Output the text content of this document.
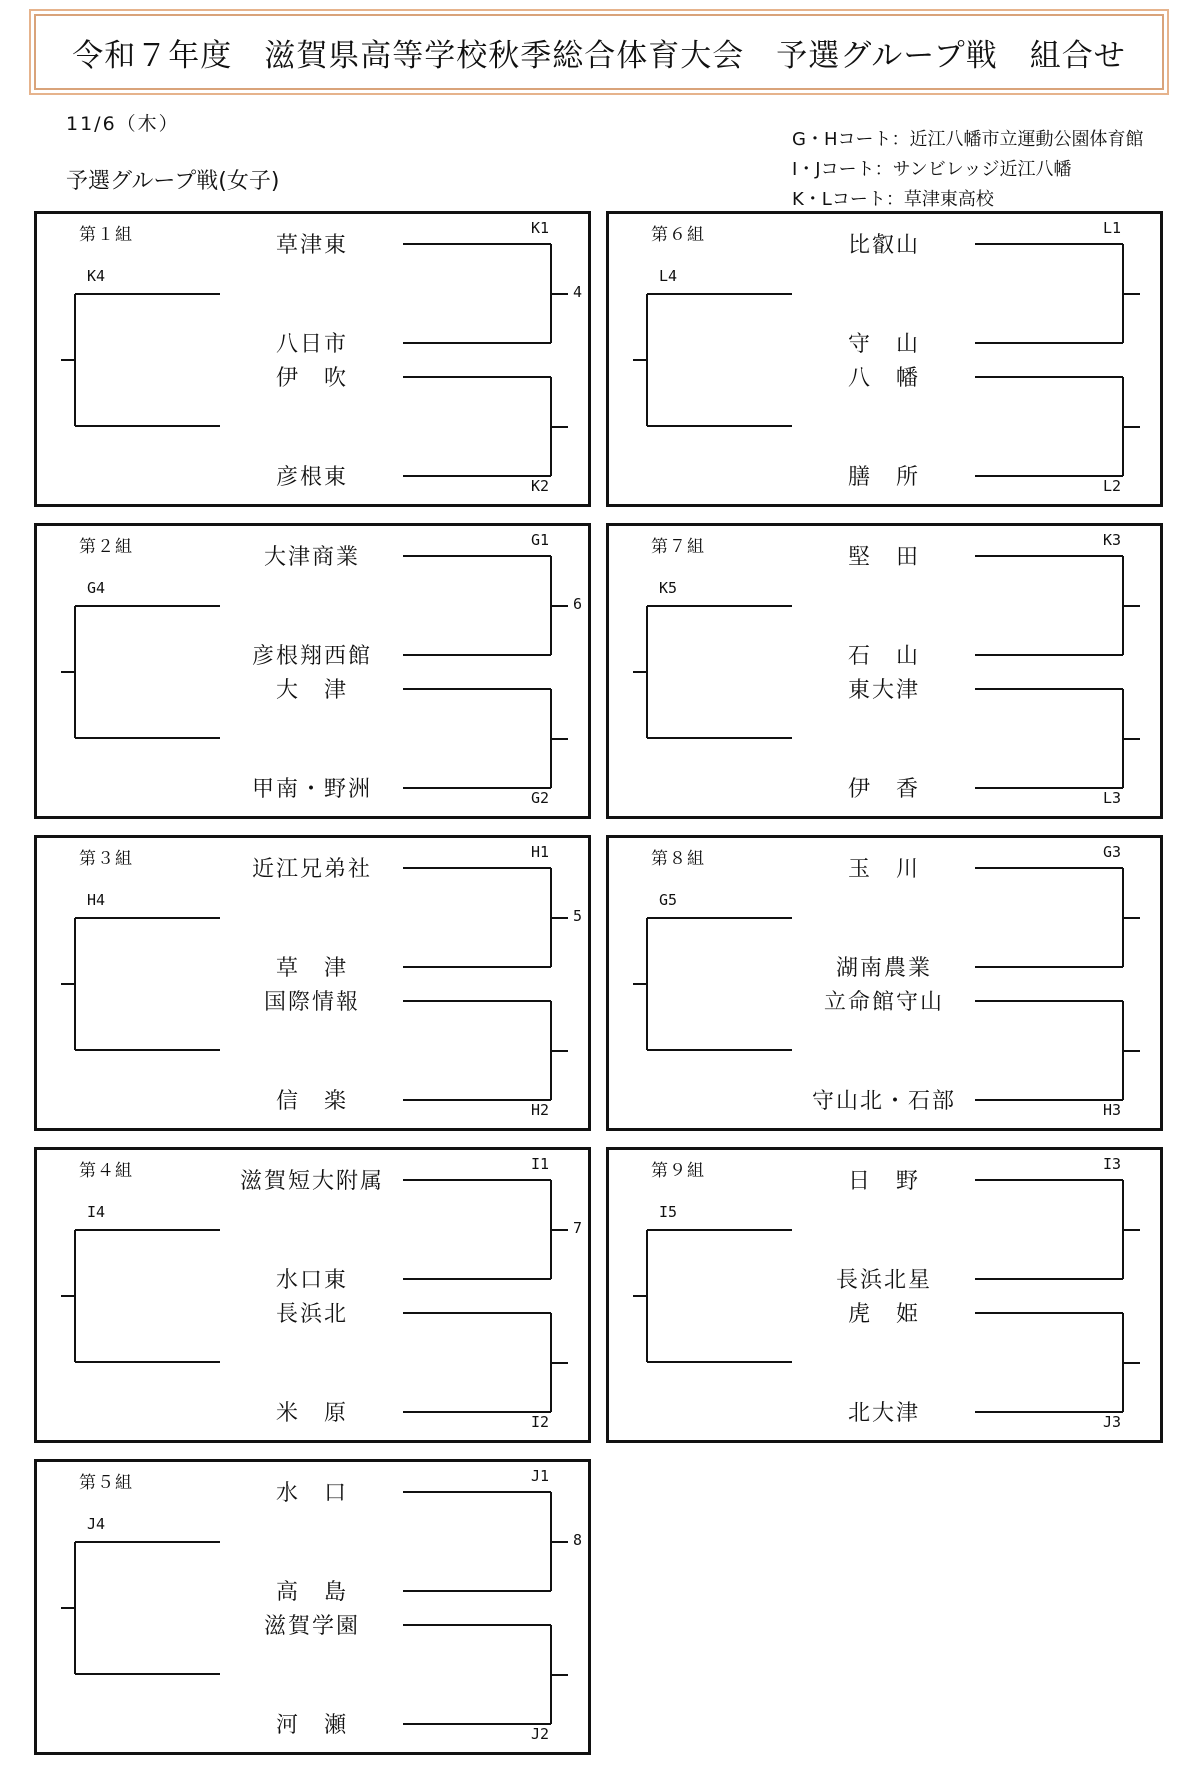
令和７年度　滋賀県高等学校秋季総合体育大会　予選グループ戦　組合せ
11/6（木）
予選グループ戦(女子)
G・Hコート：近江八幡市立運動公園体育館
I・Jコート：サンビレッジ近江八幡
K・Lコート：草津東高校
第１組	草津東
八日市
伊　吹
彦根東
K1
K2
K4
4
第２組	大津商業
彦根翔西館
大　津
甲南・野洲
G1
G2
G4
6
第３組	近江兄弟社
草　津
国際情報
信　楽
H1
H2
H4
5
第４組	滋賀短大附属
水口東
長浜北
米　原
I1
I2
I4
7
第５組	水　口
高　島
滋賀学園
河　瀬
J1
J2
J4
8
第６組	比叡山
守　山
八　幡
膳　所
L1
L2
L4
第７組	堅　田
石　山
東大津
伊　香
K3
L3
K5
第８組	玉　川
湖南農業
立命館守山
守山北・石部
G3
H3
G5
第９組	日　野
長浜北星
虎　姫
北大津
I3
J3
I5
